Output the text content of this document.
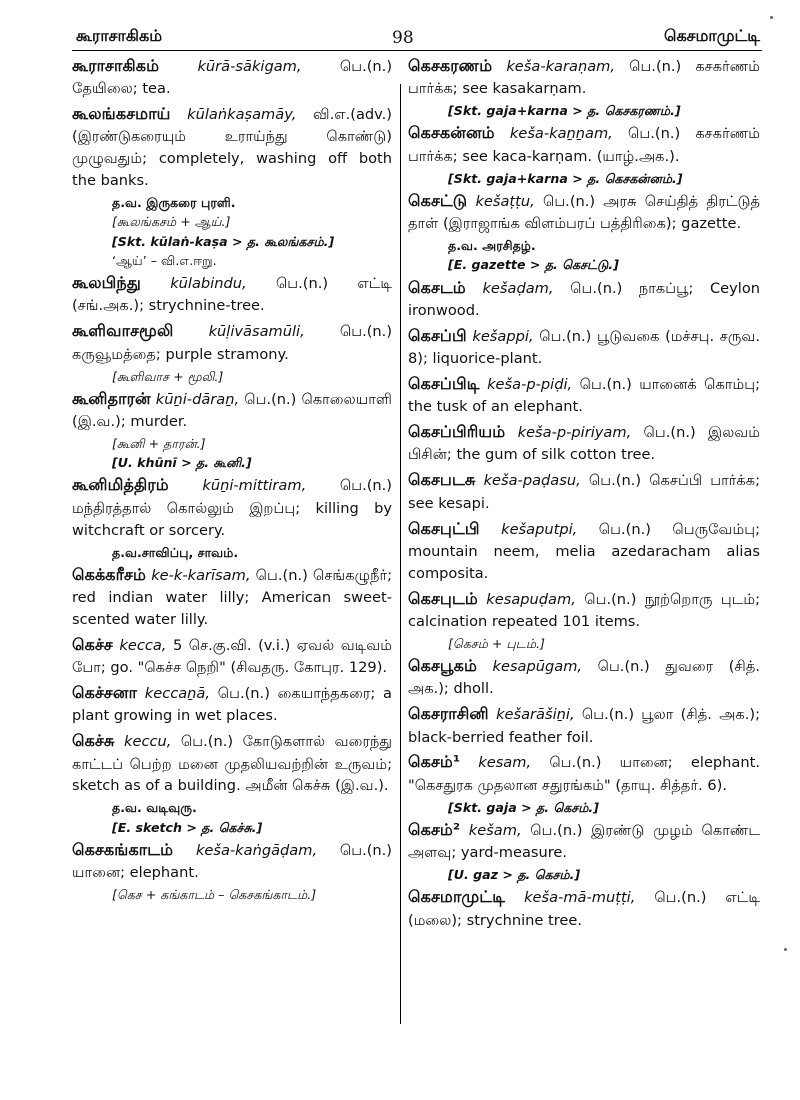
கூராசாகிகம்	98	கெசமாமுட்டி
கூராசாகிகம்	kūrā-sākigam,	பெ.(n.) தேயிலை; tea.
கூலங்கசமாய் kūlaṅkaṣamāy, வி.எ.(adv.) (இரண்டுகரையும் உராய்ந்து கொண்டு) முழுவதும்; completely, washing off both the banks.
த.வ. இருகரை புரளி.
[கூலங்கசம் + ஆய்.]
[Skt. kūlaṅ-kaṣa > த. கூலங்கசம்.]
‘ஆய்’ – வி.எ.ஈறு.
கூலபிந்து kūlabindu, பெ.(n.) எட்டி (சங்.அக.); strychnine-tree.
கூளிவாசமூலி kūḷivāsamūli, பெ.(n.) கருவூமத்தை; purple stramony.
[கூளிவாச + மூலி.]
கூனிதாரன் kūṉi-dāraṉ, பெ.(n.) கொலையாளி (இ.வ.); murder.
[கூனி + தாரன்.]
[U. khūnī > த. கூனி.]
கூனிமித்திரம் kūṉi-mittiram, பெ.(n.) மந்திரத்தால் கொல்லும் இறப்பு; killing by witchcraft or sorcery.
த.வ.சாவிப்பு, சாவம்.
கெக்கரீசம் ke-k-karīsam, பெ.(n.) செங்கழுநீர்; red indian water lilly; American sweet-scented water lilly.
கெச்ச kecca, 5 செ.கு.வி. (v.i.) ஏவல் வடிவம் போ; go. "கெச்ச நெறி" (சிவதரு. கோபுர. 129).
கெச்சனா keccaṉā, பெ.(n.) கையாந்தகரை; a plant growing in wet places.
கெச்சு keccu, பெ.(n.) கோடுகளால் வரைந்து காட்டப் பெற்ற மனை முதலியவற்றின் உருவம்; sketch as of a building. அமீன் கெச்சு (இ.வ.).
த.வ. வடிவுரு.
[E. sketch > த. கெச்சு.]
கெசகங்காடம் keša-kaṅgāḍam, பெ.(n.) யானை; elephant.
[கெச + கங்காடம் – கெசகங்காடம்.]
கெசகரணம் keša-karaṇam, பெ.(n.) கசகர்ணம் பார்க்க; see kasakarṇam.
[Skt. gaja+karna > த. கெசகரணம்.]
கெசகன்னம் keša-kaṉṉam, பெ.(n.) கசகர்ணம் பார்க்க; see kaca-karṇam. (யாழ்.அக.).
[Skt. gaja+karna > த. கெசகன்னம்.]
கெசட்டு kešaṭṭu, பெ.(n.) அரசு செய்தித் திரட்டுத் தாள் (இராஜாங்க விளம்பரப் பத்திரிகை); gazette.
த.வ. அரசிதழ்.
[E. gazette > த. கெசட்டு.]
கெசடம் kešaḍam, பெ.(n.) நாகப்பூ; Ceylon ironwood.
கெசப்பி kešappi, பெ.(n.) பூடுவகை (மச்சபு. சருவ. 8); liquorice-plant.
கெசப்பிடி keša-p-piḍi, பெ.(n.) யானைக் கொம்பு; the tusk of an elephant.
கெசப்பிரியம் keša-p-piriyam, பெ.(n.) இலவம் பிசின்; the gum of silk cotton tree.
கெசபடசு keša-paḍasu, பெ.(n.) கெசப்பி பார்க்க; see kesapi.
கெசபுட்பி kešaputpi, பெ.(n.) பெருவேம்பு; mountain neem, melia azedaracham alias composita.
கெசபுடம் kesapuḍam, பெ.(n.) நூற்றொரு புடம்; calcination repeated 101 items.
[கெசம் + புடம்.]
கெசபூகம் kesapūgam, பெ.(n.) துவரை (சித். அக.); dholl.
கெசராசினி kešarāšiṉi, பெ.(n.) பூலா (சித். அக.); black-berried feather foil.
கெசம்¹ kesam, பெ.(n.) யானை; elephant. "கெசதுரக முதலான சதுரங்கம்" (தாயு. சித்தர். 6).
[Skt. gaja > த. கெசம்.]
கெசம்² kešam, பெ.(n.) இரண்டு முழம் கொண்ட அளவு; yard-measure.
[U. gaz > த. கெசம்.]
கெசமாமுட்டி keša-mā-muṭṭi, பெ.(n.) எட்டி (மலை); strychnine tree.
